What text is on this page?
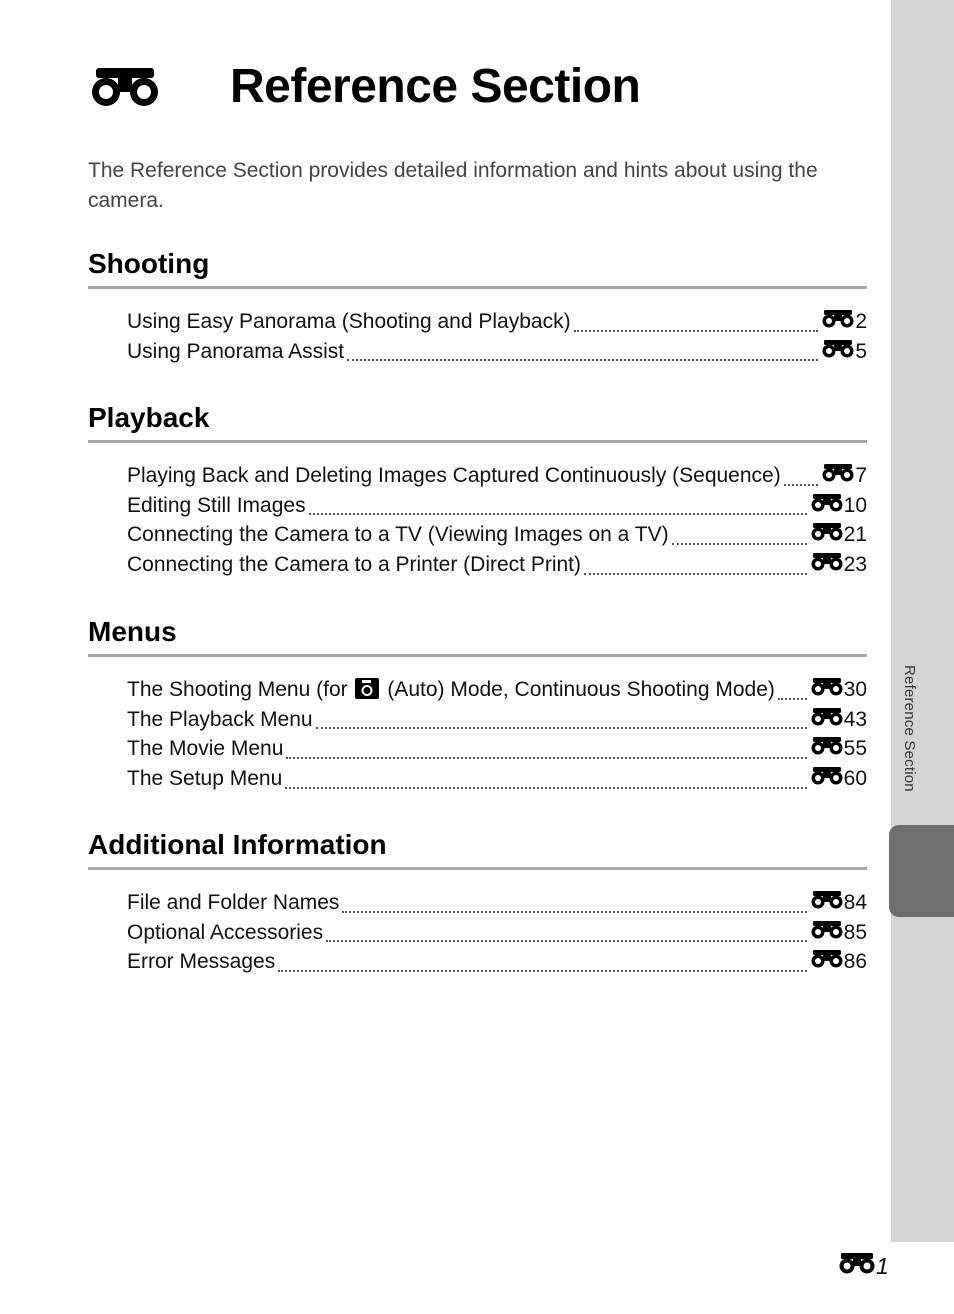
Reference Section
Reference Section

The Reference Section provides detailed information and hints about using the camera.

Shooting
Using Easy Panorama (Shooting and Playback)	2
Using Panorama Assist	5
Playback
Playing Back and Deleting Images Captured Continuously (Sequence)	7
Editing Still Images	10
Connecting the Camera to a TV (Viewing Images on a TV)	21
Connecting the Camera to a Printer (Direct Print)	23
Menus
The Shooting Menu (for (Auto) Mode, Continuous Shooting Mode)	30
The Playback Menu	43
The Movie Menu	55
The Setup Menu	60
Additional Information
File and Folder Names	84
Optional Accessories	85
Error Messages	86
1
